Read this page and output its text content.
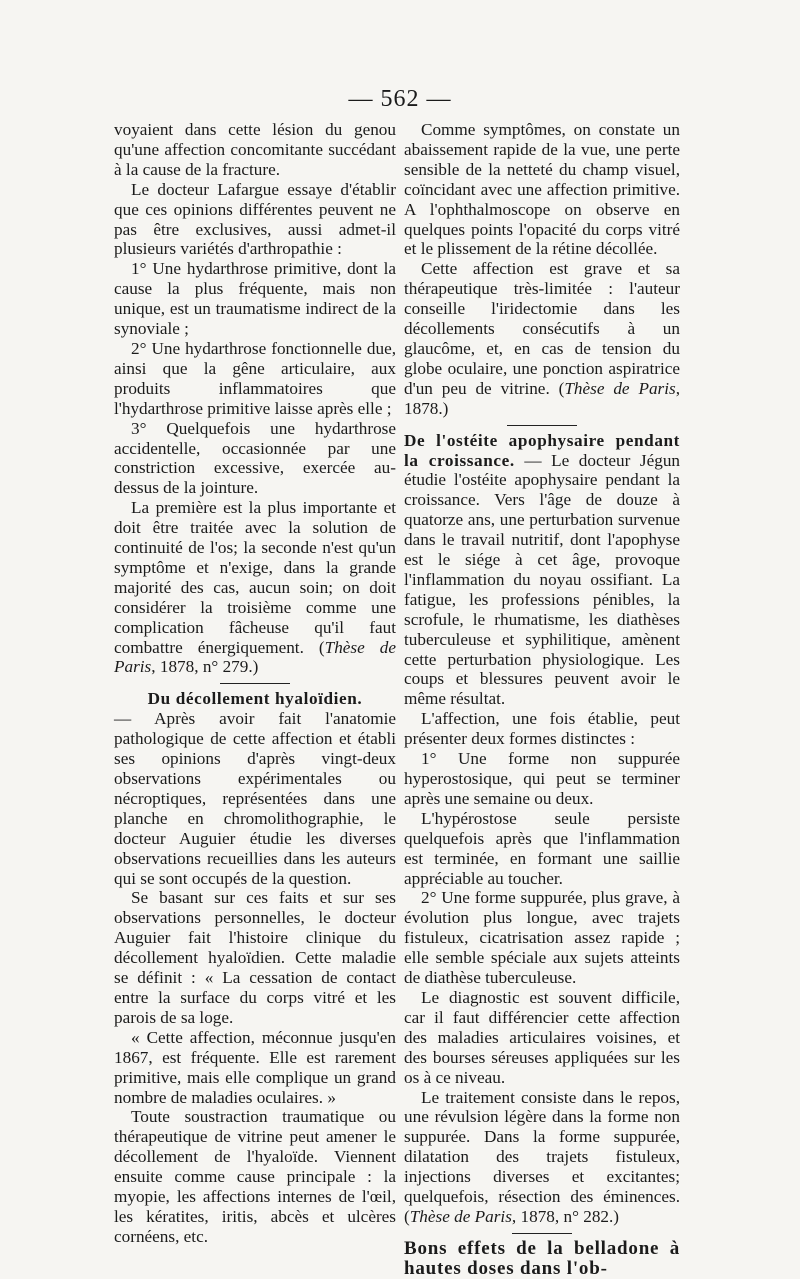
— 562 —

voyaient dans cette lésion du genou qu'une affection concomitante succédant à la cause de la fracture.

Le docteur Lafargue essaye d'établir que ces opinions différentes peuvent ne pas être exclusives, aussi admet-il plusieurs variétés d'arthropathie :

1° Une hydarthrose primitive, dont la cause la plus fréquente, mais non unique, est un traumatisme indirect de la synoviale ;

2° Une hydarthrose fonctionnelle due, ainsi que la gêne articulaire, aux produits inflammatoires que l'hydarthrose primitive laisse après elle ;

3° Quelquefois une hydarthrose accidentelle, occasionnée par une constriction excessive, exercée au-dessus de la jointure.

La première est la plus importante et doit être traitée avec la solution de continuité de l'os; la seconde n'est qu'un symptôme et n'exige, dans la grande majorité des cas, aucun soin; on doit considérer la troisième comme une complication fâcheuse qu'il faut combattre énergiquement. (Thèse de Paris, 1878, n° 279.)

Du décollement hyaloïdien.

— Après avoir fait l'anatomie pathologique de cette affection et établi ses opinions d'après vingt-deux observations expérimentales ou nécroptiques, représentées dans une planche en chromolithographie, le docteur Auguier étudie les diverses observations recueillies dans les auteurs qui se sont occupés de la question.

Se basant sur ces faits et sur ses observations personnelles, le docteur Auguier fait l'histoire clinique du décollement hyaloïdien. Cette maladie se définit : « La cessation de contact entre la surface du corps vitré et les parois de sa loge.

« Cette affection, méconnue jusqu'en 1867, est fréquente. Elle est rarement primitive, mais elle complique un grand nombre de maladies oculaires. »

Toute soustraction traumatique ou thérapeutique de vitrine peut amener le décollement de l'hyaloïde. Viennent ensuite comme cause principale : la myopie, les affections internes de l'œil, les kératites, iritis, abcès et ulcères cornéens, etc.

Comme symptômes, on constate un abaissement rapide de la vue, une perte sensible de la netteté du champ visuel, coïncidant avec une affection primitive. A l'ophthalmoscope on observe en quelques points l'opacité du corps vitré et le plissement de la rétine décollée.

Cette affection est grave et sa thérapeutique très-limitée : l'auteur conseille l'iridectomie dans les décollements consécutifs à un glaucôme, et, en cas de tension du globe oculaire, une ponction aspiratrice d'un peu de vitrine. (Thèse de Paris, 1878.)

De l'ostéite apophysaire pendant la croissance. — Le docteur Jégun étudie l'ostéite apophysaire pendant la croissance. Vers l'âge de douze à quatorze ans, une perturbation survenue dans le travail nutritif, dont l'apophyse est le siége à cet âge, provoque l'inflammation du noyau ossifiant. La fatigue, les professions pénibles, la scrofule, le rhumatisme, les diathèses tuberculeuse et syphilitique, amènent cette perturbation physiologique. Les coups et blessures peuvent avoir le même résultat.

L'affection, une fois établie, peut présenter deux formes distinctes :

1° Une forme non suppurée hyperostosique, qui peut se terminer après une semaine ou deux.

L'hypérostose seule persiste quelquefois après que l'inflammation est terminée, en formant une saillie appréciable au toucher.

2° Une forme suppurée, plus grave, à évolution plus longue, avec trajets fistuleux, cicatrisation assez rapide ; elle semble spéciale aux sujets atteints de diathèse tuberculeuse.

Le diagnostic est souvent difficile, car il faut différencier cette affection des maladies articulaires voisines, et des bourses séreuses appliquées sur les os à ce niveau.

Le traitement consiste dans le repos, une révulsion légère dans la forme non suppurée. Dans la forme suppurée, dilatation des trajets fistuleux, injections diverses et excitantes; quelquefois, résection des éminences. (Thèse de Paris, 1878, n° 282.)

Bons effets de la belladone à hautes doses dans l'ob-
